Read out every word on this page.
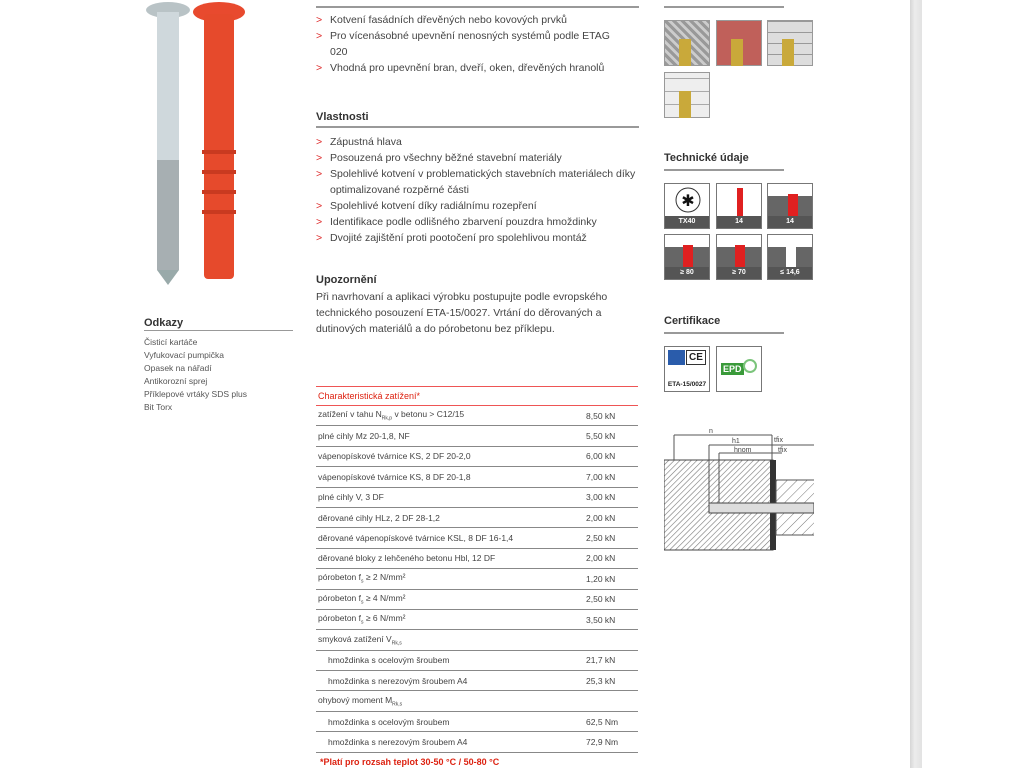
Odkazy
Čisticí kartáče
Vyfukovací pumpička
Opasek na nářadí
Antikorozní sprej
Příklepové vrtáky SDS plus
Bit Torx
> Kotvení fasádních dřevěných nebo kovových prvků
> Pro vícenásobné upevnění nenosných systémů podle ETAG 020
> Vhodná pro upevnění bran, dveří, oken, dřevěných hranolů
Vlastnosti
> Zápustná hlava
> Posouzená pro všechny běžné stavební materiály
> Spolehlivé kotvení v problematických stavebních materiálech díky optimalizované rozpěrné části
> Spolehlivé kotvení díky radiálnímu rozepření
> Identifikace podle odlišného zbarvení pouzdra hmoždinky
> Dvojité zajištění proti pootočení pro spolehlivou montáž
Upozornění
Při navrhovaní a aplikaci výrobku postupujte podle evropského technického posouzení ETA-15/0027. Vrtání do děrovaných a dutinových materiálů a do pórobetonu bez příklepu.
Charakteristická zatížení*	
zatížení v tahu $N_{Rk,p}$ v betonu > C12/15	8,50 kN
plné cihly Mz 20-1,8, NF	5,50 kN
vápenopískové tvárnice KS, 2 DF 20-2,0	6,00 kN
vápenopískové tvárnice KS, 8 DF 20-1,8	7,00 kN
plné cihly V, 3 DF	3,00 kN
děrované cihly HLz, 2 DF 28-1,2	2,00 kN
děrované vápenopískové tvárnice KSL, 8 DF 16-1,4	2,50 kN
děrované bloky z lehčeného betonu Hbl, 12 DF	2,00 kN
pórobeton $f_s \ge 2$ N/mm²	1,20 kN
pórobeton $f_s \ge 4$ N/mm²	2,50 kN
pórobeton $f_s \ge 6$ N/mm²	3,50 kN
smyková zatížení $V_{Rk,s}$	
hmoždinka s ocelovým šroubem	21,7 kN
hmoždinka s nerezovým šroubem A4	25,3 kN
ohybový moment $M_{Rk,s}$	
hmoždinka s ocelovým šroubem	62,5 Nm
hmoždinka s nerezovým šroubem A4	72,9 Nm
*Platí pro rozsah teplot 30-50 °C / 50-80 °C
Technické údaje
✱
TX40	14	14
≥ 80	≥ 70	≤ 14,6
Certifikace
CE
ETA-15/0027
EPD
n
h1
hnom
tfix
tfix
